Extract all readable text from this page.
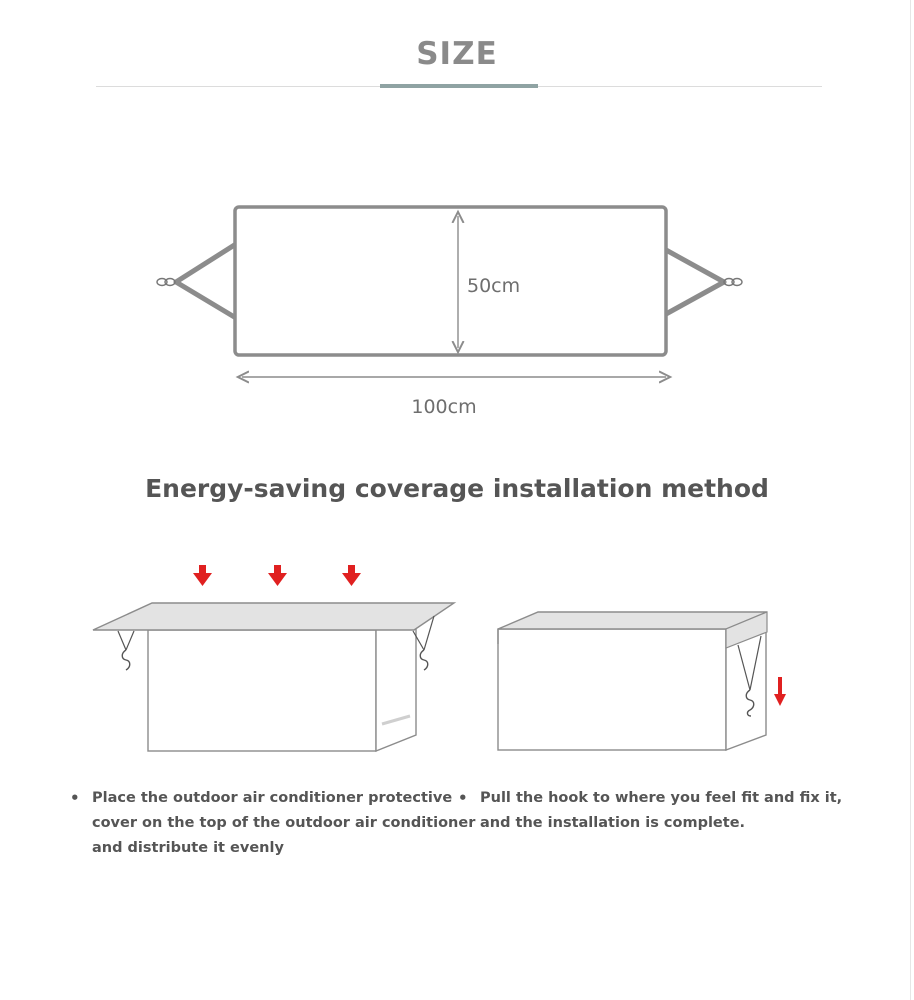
SIZE
50cm
100cm
Energy-saving coverage installation method
• Place the outdoor air conditioner protective
cover on the top of the outdoor air conditioner
and distribute it evenly
• Pull the hook to where you feel fit and fix it,
and the installation is complete.
